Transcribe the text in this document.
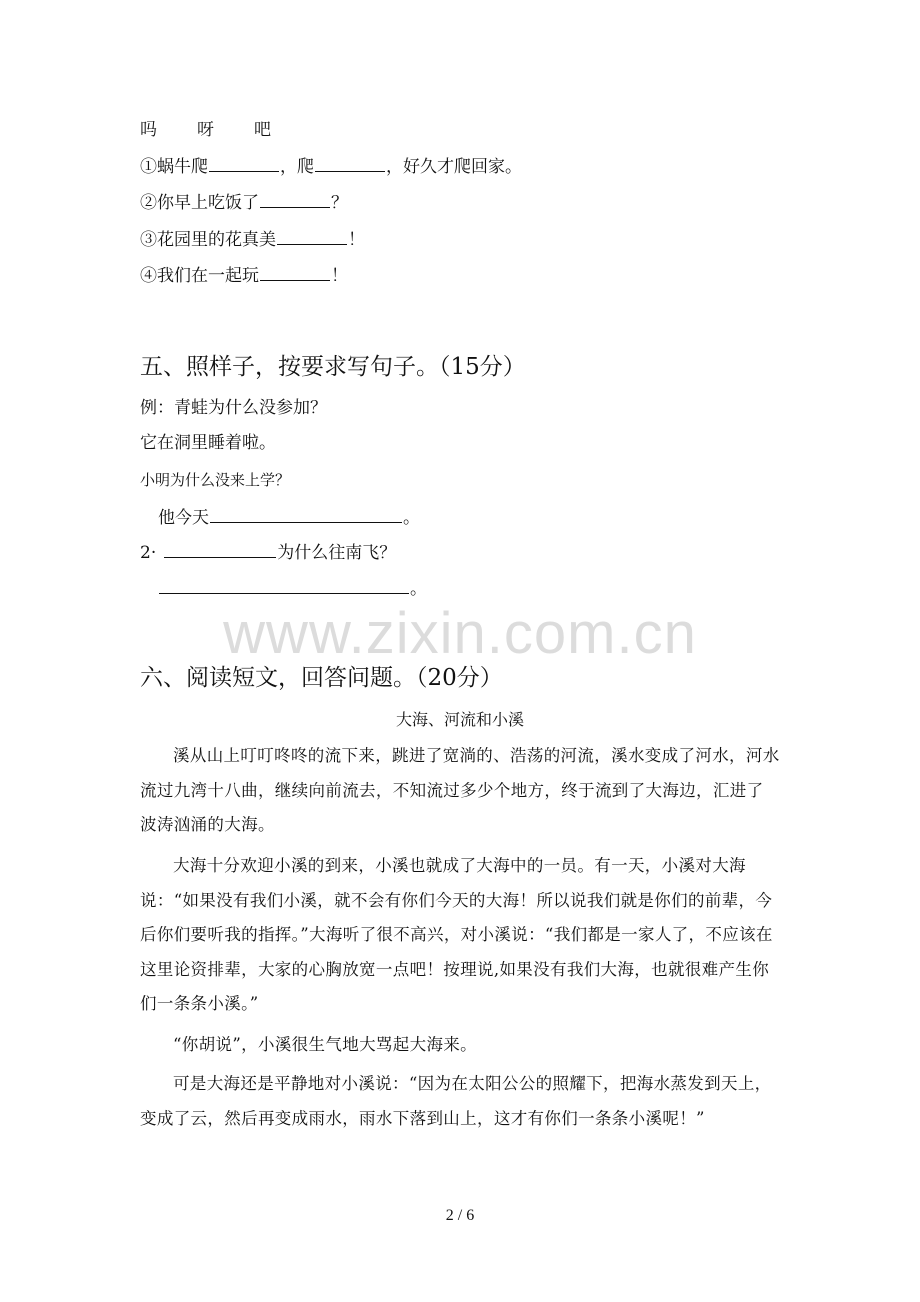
吗 呀 吧
①蜗牛爬	，爬	，好久才爬回家。
②你早上吃饭了	？
③花园里的花真美	！
④我们在一起玩	！
五、照样子，按要求写句子。（15分）
例：青蛙为什么没参加？
它在洞里睡着啦。
小明为什么没来上学？
他今天	。
2·	为什么往南飞？
。
www.zixin.com.cn
六、阅读短文，回答问题。（20分）
大海、河流和小溪
溪从山上叮叮咚咚的流下来，跳进了宽淌的、浩荡的河流，溪水变成了河水，河水流过九湾十八曲，继续向前流去，不知流过多少个地方，终于流到了大海边，汇进了波涛汹涌的大海。
大海十分欢迎小溪的到来，小溪也就成了大海中的一员。有一天，小溪对大海说：“如果没有我们小溪，就不会有你们今天的大海！所以说我们就是你们的前辈，今后你们要听我的指挥。”大海听了很不高兴，对小溪说：“我们都是一家人了，不应该在这里论资排辈，大家的心胸放宽一点吧！按理说,如果没有我们大海，也就很难产生你们一条条小溪。”
“你胡说”，小溪很生气地大骂起大海来。
可是大海还是平静地对小溪说：“因为在太阳公公的照耀下，把海水蒸发到天上，变成了云，然后再变成雨水，雨水下落到山上，这才有你们一条条小溪呢！”
2 / 6
